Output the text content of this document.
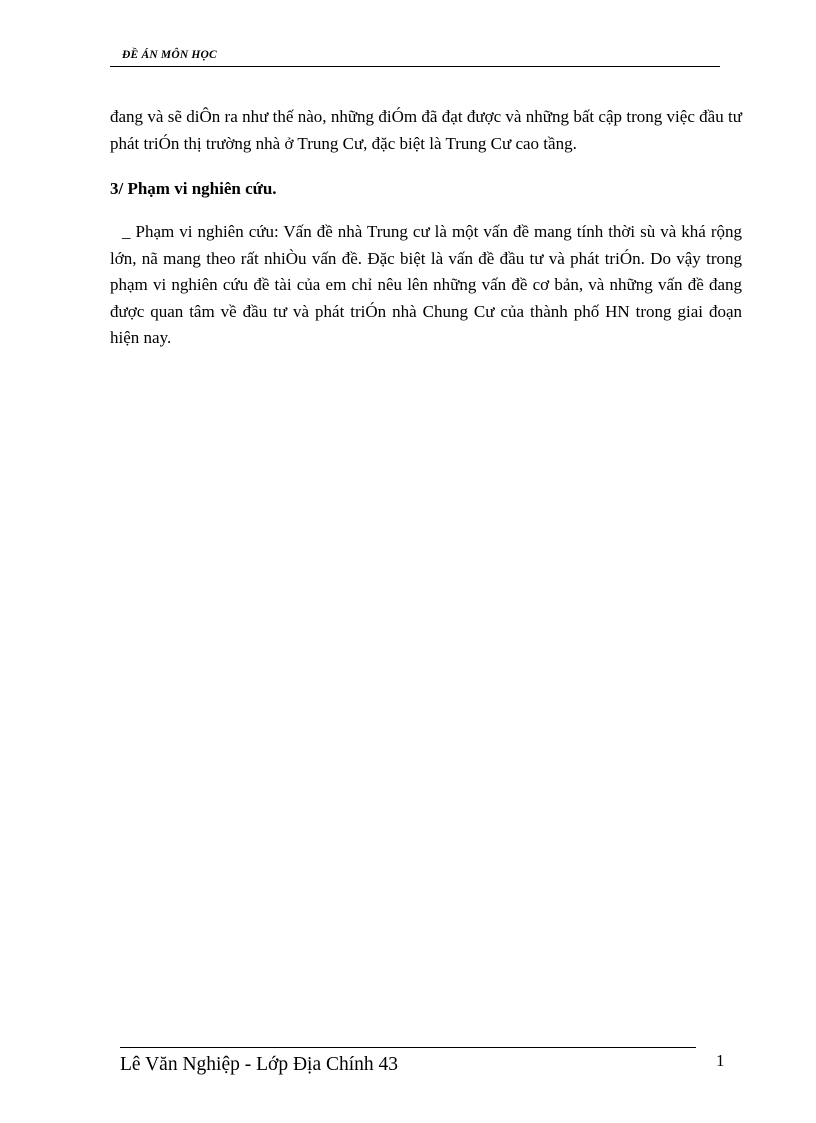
ĐỀ ÁN MÔN HỌC

đang và sẽ diÔn ra như thế nào, những điÓm đã đạt được và những bất cập trong việc đầu tư phát triÓn thị trường nhà ở Trung Cư, đặc biệt là Trung Cư cao tầng.

3/ Phạm vi nghiên cứu.

_ Phạm vi nghiên cứu: Vấn đề nhà Trung cư là một vấn đề mang tính thời sù và khá rộng lớn, nã mang theo rất nhiÒu vấn đề. Đặc biệt là vấn đề đầu tư và phát triÓn. Do vậy trong phạm vi nghiên cứu đề tài của em chỉ nêu lên những vấn đề cơ bản, và những vấn đề đang được quan tâm về đầu tư và phát triÓn nhà Chung Cư của thành phố HN trong giai đoạn hiện nay.

Lê Văn Nghiệp - Lớp Địa Chính 43	1
